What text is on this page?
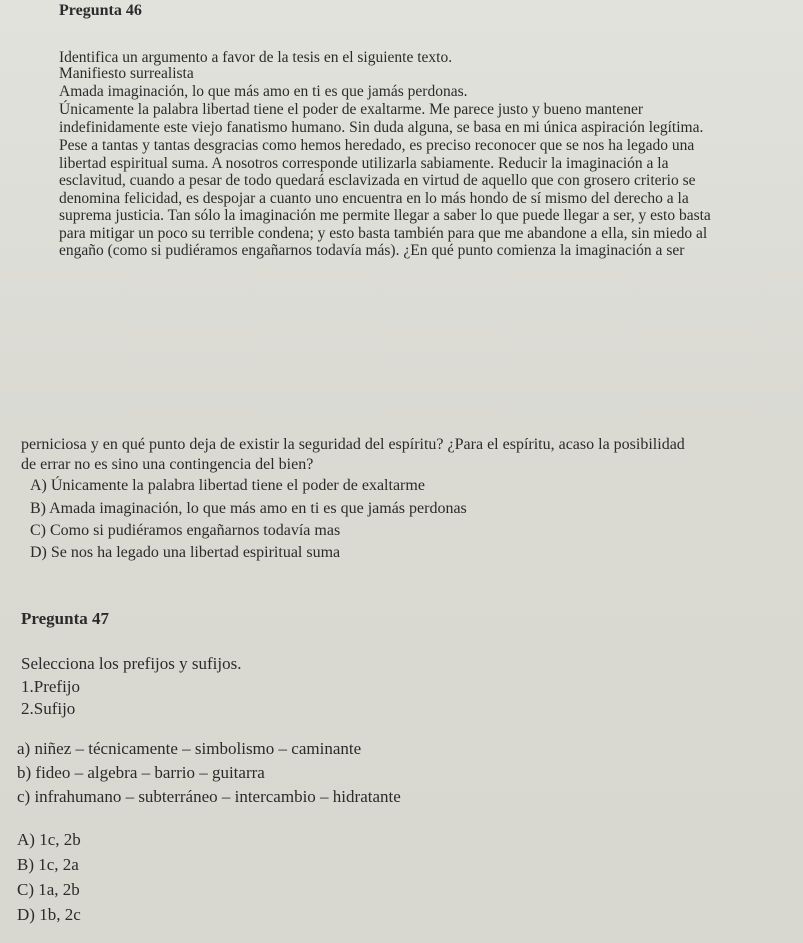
Pregunta 46
Identifica un argumento a favor de la tesis en el siguiente texto.
Manifiesto surrealista
Amada imaginación, lo que más amo en ti es que jamás perdonas.
Únicamente la palabra libertad tiene el poder de exaltarme. Me parece justo y bueno mantener
indefinidamente este viejo fanatismo humano. Sin duda alguna, se basa en mi única aspiración legítima.
Pese a tantas y tantas desgracias como hemos heredado, es preciso reconocer que se nos ha legado una
libertad espiritual suma. A nosotros corresponde utilizarla sabiamente. Reducir la imaginación a la
esclavitud, cuando a pesar de todo quedará esclavizada en virtud de aquello que con grosero criterio se
denomina felicidad, es despojar a cuanto uno encuentra en lo más hondo de sí mismo del derecho a la
suprema justicia. Tan sólo la imaginación me permite llegar a saber lo que puede llegar a ser, y esto basta
para mitigar un poco su terrible condena; y esto basta también para que me abandone a ella, sin miedo al
engaño (como si pudiéramos engañarnos todavía más). ¿En qué punto comienza la imaginación a ser
perniciosa y en qué punto deja de existir la seguridad del espíritu? ¿Para el espíritu, acaso la posibilidad
de errar no es sino una contingencia del bien?
A) Únicamente la palabra libertad tiene el poder de exaltarme
B) Amada imaginación, lo que más amo en ti es que jamás perdonas
C) Como si pudiéramos engañarnos todavía mas
D) Se nos ha legado una libertad espiritual suma
Pregunta 47
Selecciona los prefijos y sufijos.
1.Prefijo
2.Sufijo
a) niñez – técnicamente – simbolismo – caminante
b) fideo – algebra – barrio – guitarra
c) infrahumano – subterráneo – intercambio – hidratante
A) 1c, 2b
B) 1c, 2a
C) 1a, 2b
D) 1b, 2c
